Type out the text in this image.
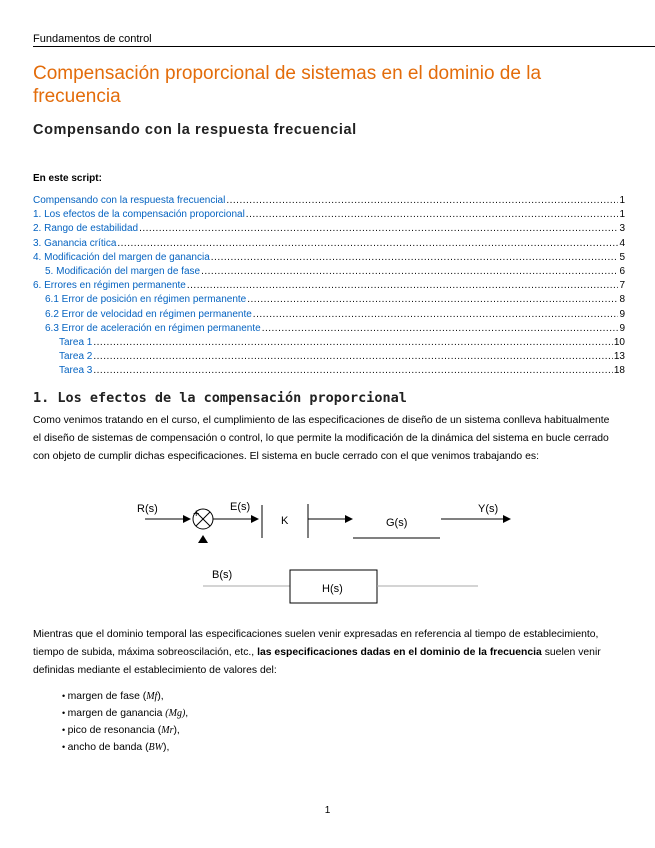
Fundamentos de control
Compensación proporcional de sistemas en el dominio de la frecuencia
Compensando con la respuesta frecuencial
En este script:
Compensando con la respuesta frecuencial .....	1
1. Los efectos de la compensación proporcional .....	1
2. Rango de estabilidad .....	3
3. Ganancia crítica .....	4
4. Modificación del margen de ganancia .....	5
5. Modificación del margen de fase .....	6
6. Errores en régimen permanente .....	7
6.1 Error de posición en régimen permanente .....	8
6.2 Error de velocidad en régimen permanente .....	9
6.3 Error de aceleración en régimen permanente .....	9
Tarea 1 .....	10
Tarea 2 .....	13
Tarea 3 .....	18
1. Los efectos de la compensación proporcional
Como venimos tratando en el curso, el cumplimiento de las especificaciones de diseño de un sistema conlleva habitualmente el diseño de sistemas de compensación o control, lo que permite la modificación de la dinámica del sistema en bucle cerrado con objeto de cumplir dichas especificaciones. El sistema en bucle cerrado con el que venimos trabajando es:
R(s)	+
E(s)
K	G(s)
Y(s)
B(s)
H(s)
Mientras que el dominio temporal las especificaciones suelen venir expresadas en referencia al tiempo de establecimiento, tiempo de subida, máxima sobreoscilación, etc., las especificaciones dadas en el dominio de la frecuencia suelen venir definidas mediante el establecimiento de valores del:
• margen de fase (Mf),
• margen de ganancia (Mg),
• pico de resonancia (Mr),
• ancho de banda (BW),
1
